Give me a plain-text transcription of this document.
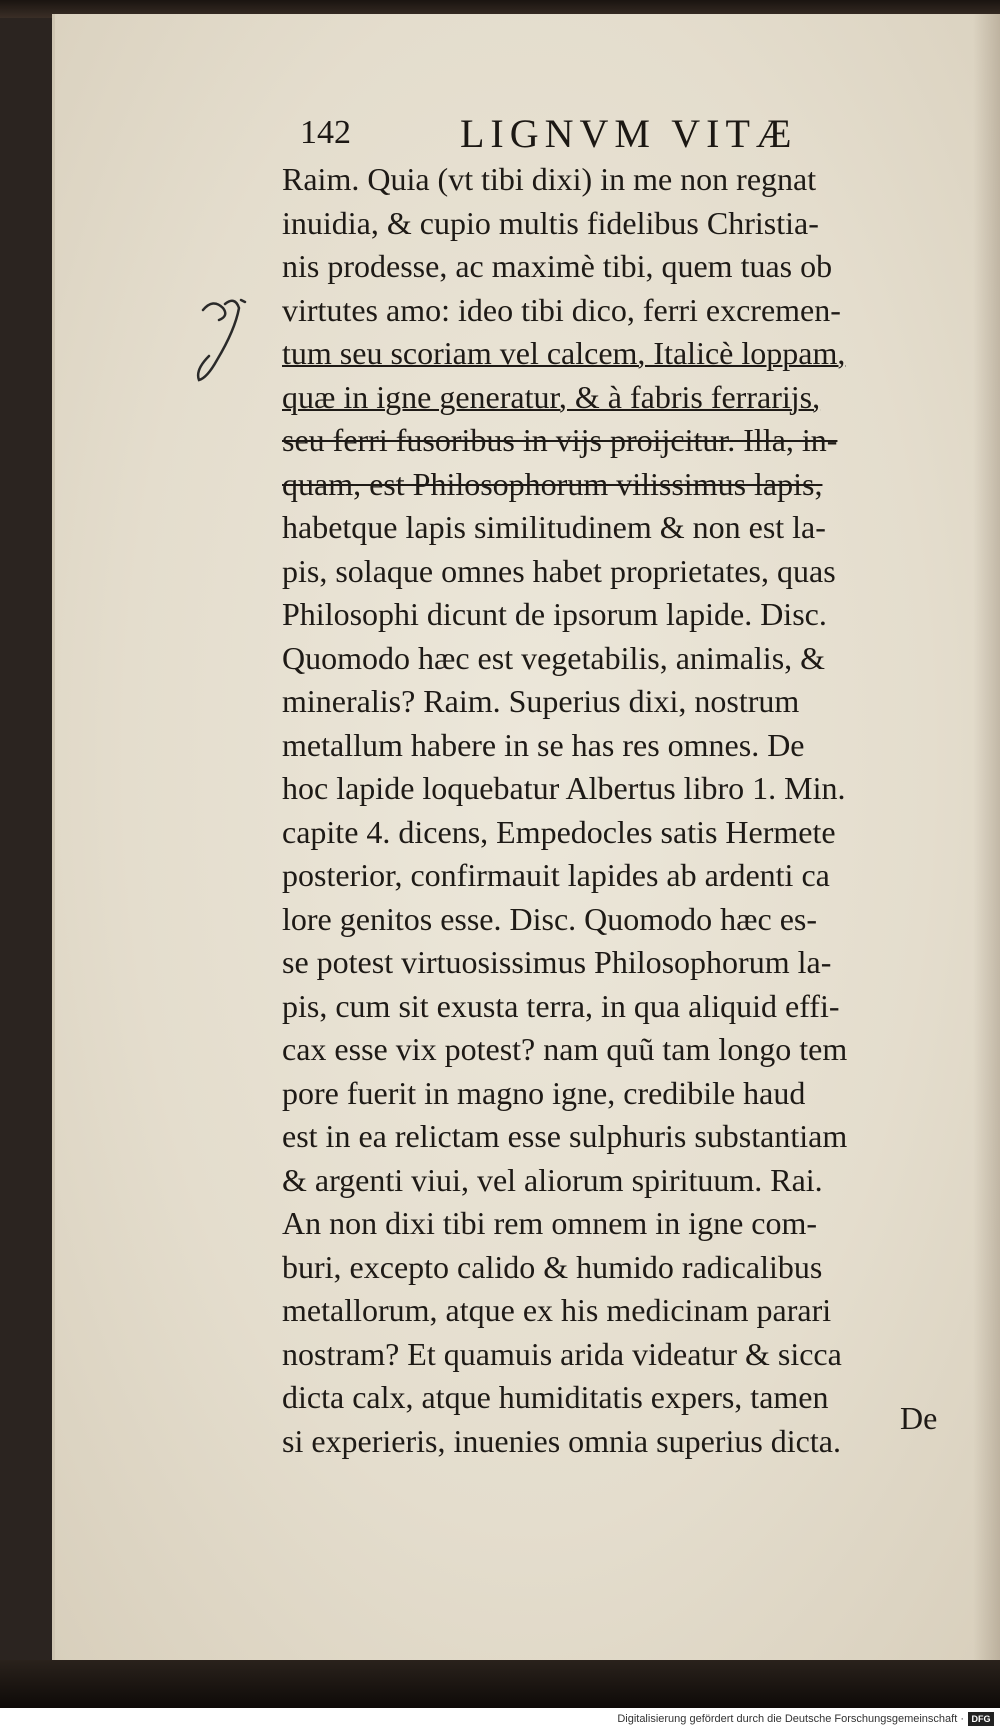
142	LIGNVM VITÆ
Raim. Quia (vt tibi dixi) in me non regnat
inuidia, & cupio multis fidelibus Christia-
nis prodesse, ac maximè tibi, quem tuas ob
virtutes amo: ideo tibi dico, ferri excremen-
tum seu scoriam vel calcem, Italicè loppam,
quæ in igne generatur, & à fabris ferrarijs,
seu ferri fusoribus in vijs proijcitur. Illa, in-
quam, est Philosophorum vilissimus lapis,
habetque lapis similitudinem & non est la-
pis, solaque omnes habet proprietates, quas
Philosophi dicunt de ipsorum lapide. Disc.
Quomodo hæc est vegetabilis, animalis, &
mineralis? Raim. Superius dixi, nostrum
metallum habere in se has res omnes. De
hoc lapide loquebatur Albertus libro 1. Min.
capite 4. dicens, Empedocles satis Hermete
posterior, confirmauit lapides ab ardenti ca
lore genitos esse. Disc. Quomodo hæc es-
se potest virtuosissimus Philosophorum la-
pis, cum sit exusta terra, in qua aliquid effi-
cax esse vix potest? nam quũ tam longo tem
pore fuerit in magno igne, credibile haud
est in ea relictam esse sulphuris substantiam
& argenti viui, vel aliorum spirituum. Rai.
An non dixi tibi rem omnem in igne com-
buri, excepto calido & humido radicalibus
metallorum, atque ex his medicinam parari
nostram? Et quamuis arida videatur & sicca
dicta calx, atque humiditatis expers, tamen
si experieris, inuenies omnia superius dicta.
De
Digitalisierung gefördert durch die Deutsche Forschungsgemeinschaft · DFG
